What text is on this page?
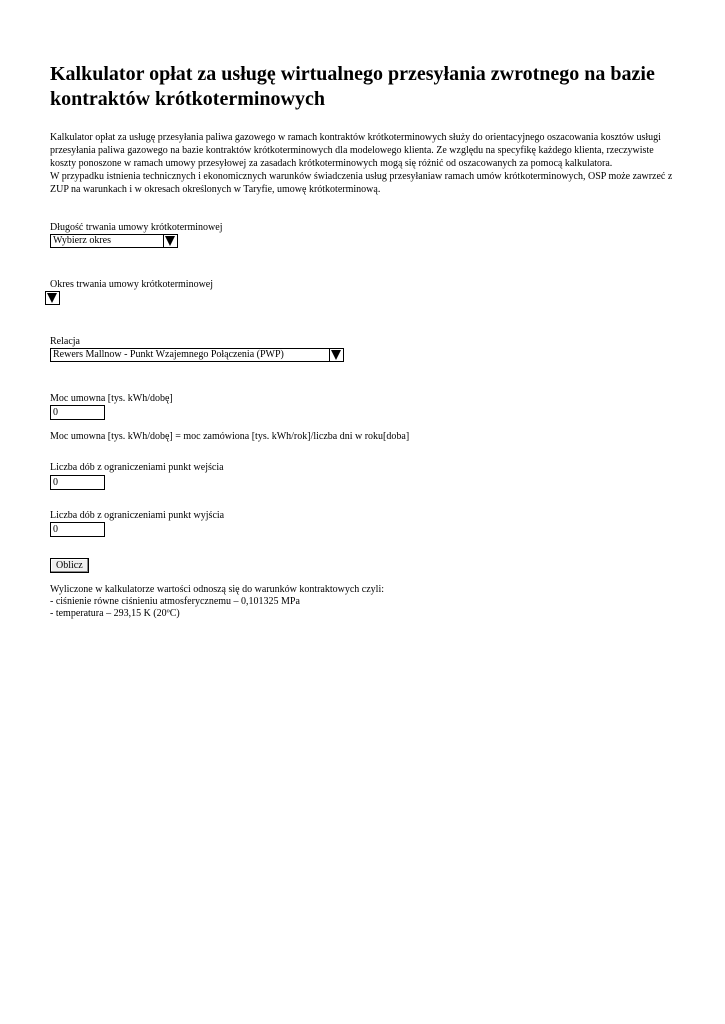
Kalkulator opłat za usługę wirtualnego przesyłania zwrotnego na bazie kontraktów krótkoterminowych

Kalkulator opłat za usługę przesyłania paliwa gazowego w ramach kontraktów krótkoterminowych służy do orientacyjnego oszacowania kosztów usługi przesyłania paliwa gazowego na bazie kontraktów krótkoterminowych dla modelowego klienta. Ze względu na specyfikę każdego klienta, rzeczywiste koszty ponoszone w ramach umowy przesyłowej za zasadach krótkoterminowych mogą się różnić od oszacowanych za pomocą kalkulatora.

W przypadku istnienia technicznych i ekonomicznych warunków świadczenia usług przesyłaniaw ramach umów krótkoterminowych, OSP może zawrzeć z ZUP na warunkach i w okresach określonych w Taryfie, umowę krótkoterminową.

Długość trwania umowy krótkoterminowej
Wybierz okres
Okres trwania umowy krótkoterminowej
Relacja
Rewers Mallnow - Punkt Wzajemnego Połączenia (PWP)
Moc umowna [tys. kWh/dobę]
0
Moc umowna [tys. kWh/dobę] = moc zamówiona [tys. kWh/rok]/liczba dni w roku[doba]
Liczba dób z ograniczeniami punkt wejścia
0
Liczba dób z ograniczeniami punkt wyjścia
0
Oblicz
Wyliczone w kalkulatorze wartości odnoszą się do warunków kontraktowych czyli:
- ciśnienie równe ciśnieniu atmosferycznemu – 0,101325 MPa
- temperatura – 293,15 K (20ºC)
